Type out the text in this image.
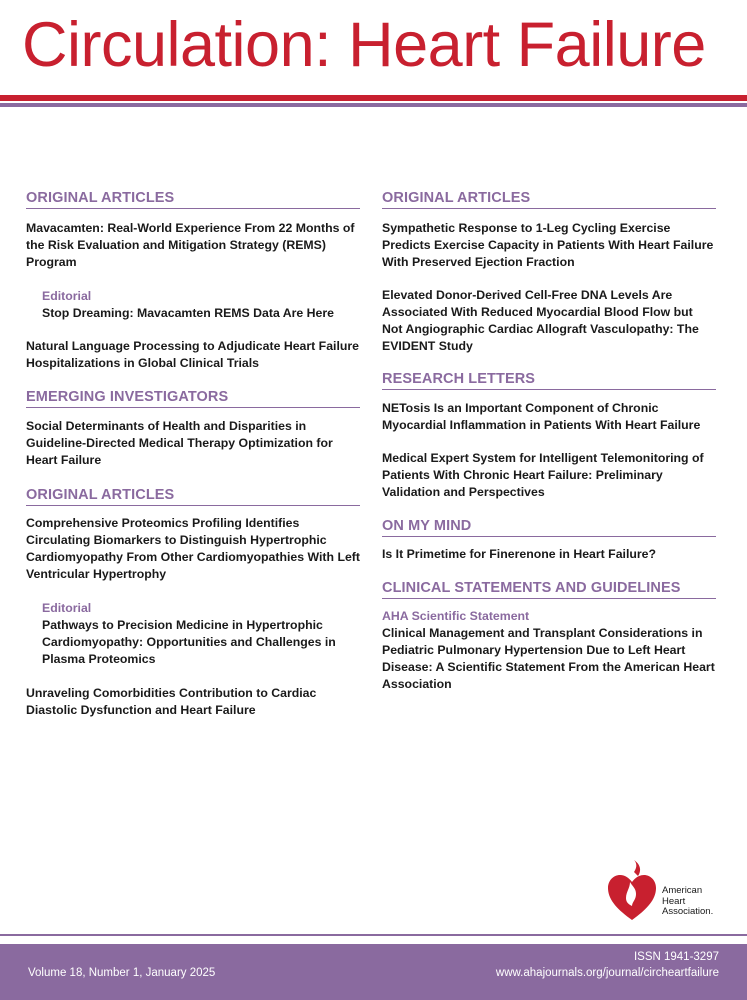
Circulation: Heart Failure
ORIGINAL ARTICLES

Mavacamten: Real-World Experience From 22 Months of the Risk Evaluation and Mitigation Strategy (REMS) Program

Editorial

Stop Dreaming: Mavacamten REMS Data Are Here

Natural Language Processing to Adjudicate Heart Failure Hospitalizations in Global Clinical Trials

EMERGING INVESTIGATORS

Social Determinants of Health and Disparities in Guideline-Directed Medical Therapy Optimization for Heart Failure

ORIGINAL ARTICLES

Comprehensive Proteomics Profiling Identifies Circulating Biomarkers to Distinguish Hypertrophic Cardiomyopathy From Other Cardiomyopathies With Left Ventricular Hypertrophy

Editorial

Pathways to Precision Medicine in Hypertrophic Cardiomyopathy: Opportunities and Challenges in Plasma Proteomics

Unraveling Comorbidities Contribution to Cardiac Diastolic Dysfunction and Heart Failure

ORIGINAL ARTICLES

Sympathetic Response to 1-Leg Cycling Exercise Predicts Exercise Capacity in Patients With Heart Failure With Preserved Ejection Fraction

Elevated Donor-Derived Cell-Free DNA Levels Are Associated With Reduced Myocardial Blood Flow but Not Angiographic Cardiac Allograft Vasculopathy: The EVIDENT Study

RESEARCH LETTERS

NETosis Is an Important Component of Chronic Myocardial Inflammation in Patients With Heart Failure

Medical Expert System for Intelligent Telemonitoring of Patients With Chronic Heart Failure: Preliminary Validation and Perspectives

ON MY MIND

Is It Primetime for Finerenone in Heart Failure?

CLINICAL STATEMENTS AND GUIDELINES

AHA Scientific Statement

Clinical Management and Transplant Considerations in Pediatric Pulmonary Hypertension Due to Left Heart Disease: A Scientific Statement From the American Heart Association

American
Heart
Association.
ISSN 1941-3297
Volume 18, Number 1, January 2025	www.ahajournals.org/journal/circheartfailure
